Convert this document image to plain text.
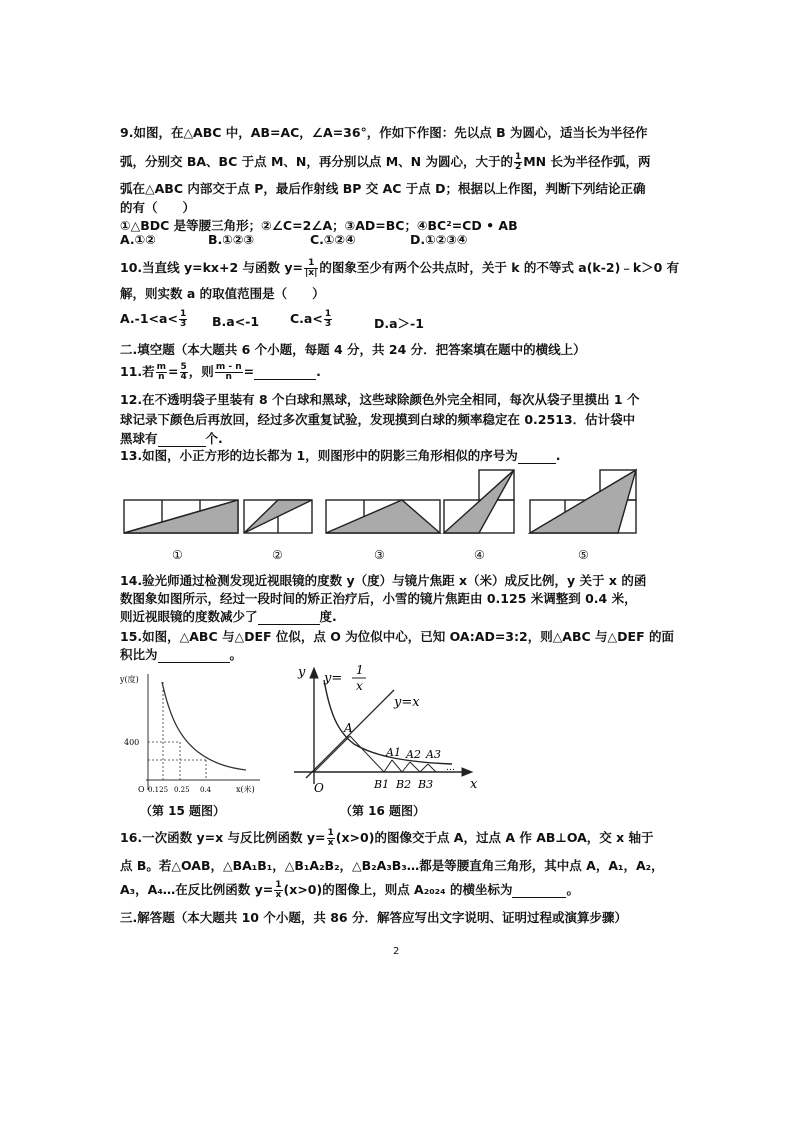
9.如图，在△ABC 中，AB=AC，∠A=36°，作如下作图：先以点 B 为圆心，适当长为半径作
弧，分别交 BA、BC 于点 M、N，再分别以点 M、N 为圆心，大于的 $\frac{1}{2}$ MN 长为半径作弧，两
弧在△ABC 内部交于点 P，最后作射线 BP 交 AC 于点 D；根据以上作图，判断下列结论正确
的有（　　）
①△BDC 是等腰三角形；②∠C=2∠A；③AD=BC；④BC²=CD • AB
A.①②	B.①②③	C.①②④	D.①②③④
10.当直线 y=kx+2 与函数 $y= \frac{1}{|x|}$ 的图象至少有两个公共点时，关于 k 的不等式 a(k-2)﹣k＞0 有
解，则实数 a 的取值范围是（　　）
$A.-1<a< \frac{1}{3} B.a<-1$ $C.a< \frac{1}{3}$	D.a＞-1
二.填空题（本大题共 6 个小题，每题 4 分，共 24 分．把答案填在题中的横线上）
11.若 $\frac{m}{n} = \frac{5}{4}$ ，则 $\frac{m - n}{n}$ =	.
12.在不透明袋子里装有 8 个白球和黑球，这些球除颜色外完全相同，每次从袋子里摸出 1 个
球记录下颜色后再放回，经过多次重复试验，发现摸到白球的频率稳定在 0.2513．估计袋中
黑球有	个.
13.如图，小正方形的边长都为 1，则图形中的阴影三角形相似的序号为	.
①	②	③	④	⑤
14.验光师通过检测发现近视眼镜的度数 y（度）与镜片焦距 x（米）成反比例，y 关于 x 的函
数图象如图所示，经过一段时间的矫正治疗后，小雪的镜片焦距由 0.125 米调整到 0.4 米，
则近视眼镜的度数减少了	度.
15.如图，△ABC 与△DEF 位似，点 O 为位似中心，已知 OA:AD=3:2，则△ABC 与△DEF 的面
积比为	。
y(度)
400
O 0.125 0.25 0.4	x(米)
（第 15 题图）
y
x
O
y=
1
x
y=x
A
A1 A2 A3
B1 B2 B3
…
（第 16 题图）
16.一次函数 y=x 与反比例函数 $y= \frac{1}{x} (x>0)$的图像交于点 A，过点 A 作 AB⊥OA，交 x 轴于
点 B。若△OAB，△BA₁B₁，△B₁A₂B₂，△B₂A₃B₃…都是等腰直角三角形，其中点 A，A₁，A₂，
A₃，A₄…在反比例函数 $y= \frac{1}{x} (x>0)$的图像上，则点 A₂₀₂₄ 的横坐标为	。
三.解答题（本大题共 10 个小题，共 86 分．解答应写出文字说明、证明过程或演算步骤）
2
